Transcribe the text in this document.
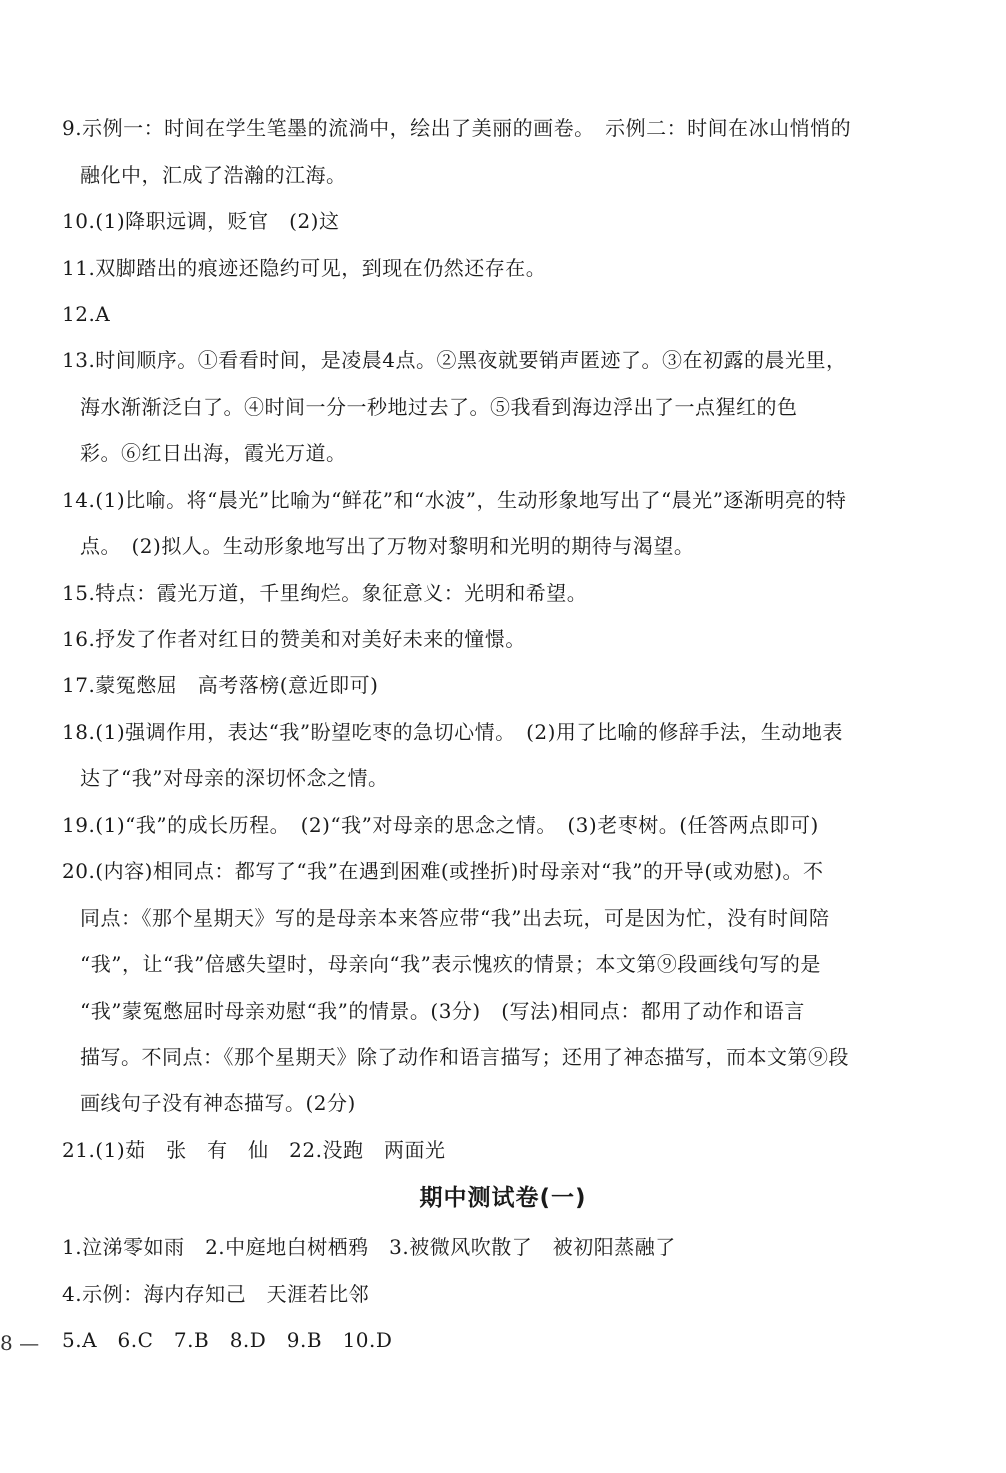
9.示例一：时间在学生笔墨的流淌中，绘出了美丽的画卷。　示例二：时间在冰山悄悄的
融化中，汇成了浩瀚的江海。
10.(1)降职远调，贬官　(2)这
11.双脚踏出的痕迹还隐约可见，到现在仍然还存在。
12.A
13.时间顺序。①看看时间，是凌晨4点。②黑夜就要销声匿迹了。③在初露的晨光里，
海水渐渐泛白了。④时间一分一秒地过去了。⑤我看到海边浮出了一点猩红的色
彩。⑥红日出海，霞光万道。
14.(1)比喻。将“晨光”比喻为“鲜花”和“水波”，生动形象地写出了“晨光”逐渐明亮的特
点。　(2)拟人。生动形象地写出了万物对黎明和光明的期待与渴望。
15.特点：霞光万道，千里绚烂。象征意义：光明和希望。
16.抒发了作者对红日的赞美和对美好未来的憧憬。
17.蒙冤憋屈　高考落榜(意近即可)
18.(1)强调作用，表达“我”盼望吃枣的急切心情。　(2)用了比喻的修辞手法，生动地表
达了“我”对母亲的深切怀念之情。
19.(1)“我”的成长历程。　(2)“我”对母亲的思念之情。　(3)老枣树。(任答两点即可)
20.(内容)相同点：都写了“我”在遇到困难(或挫折)时母亲对“我”的开导(或劝慰)。不
同点：《那个星期天》写的是母亲本来答应带“我”出去玩，可是因为忙，没有时间陪
“我”，让“我”倍感失望时，母亲向“我”表示愧疚的情景；本文第⑨段画线句写的是
“我”蒙冤憋屈时母亲劝慰“我”的情景。(3分)　(写法)相同点：都用了动作和语言
描写。不同点：《那个星期天》除了动作和语言描写；还用了神态描写，而本文第⑨段
画线句子没有神态描写。(2分)
21.(1)茹　张　有　仙　22.没跑　两面光
期中测试卷(一)
1.泣涕零如雨　2.中庭地白树栖鸦　3.被微风吹散了　被初阳蒸融了
4.示例：海内存知己　天涯若比邻
5.A　6.C　7.B　8.D　9.B　10.D
8 —
